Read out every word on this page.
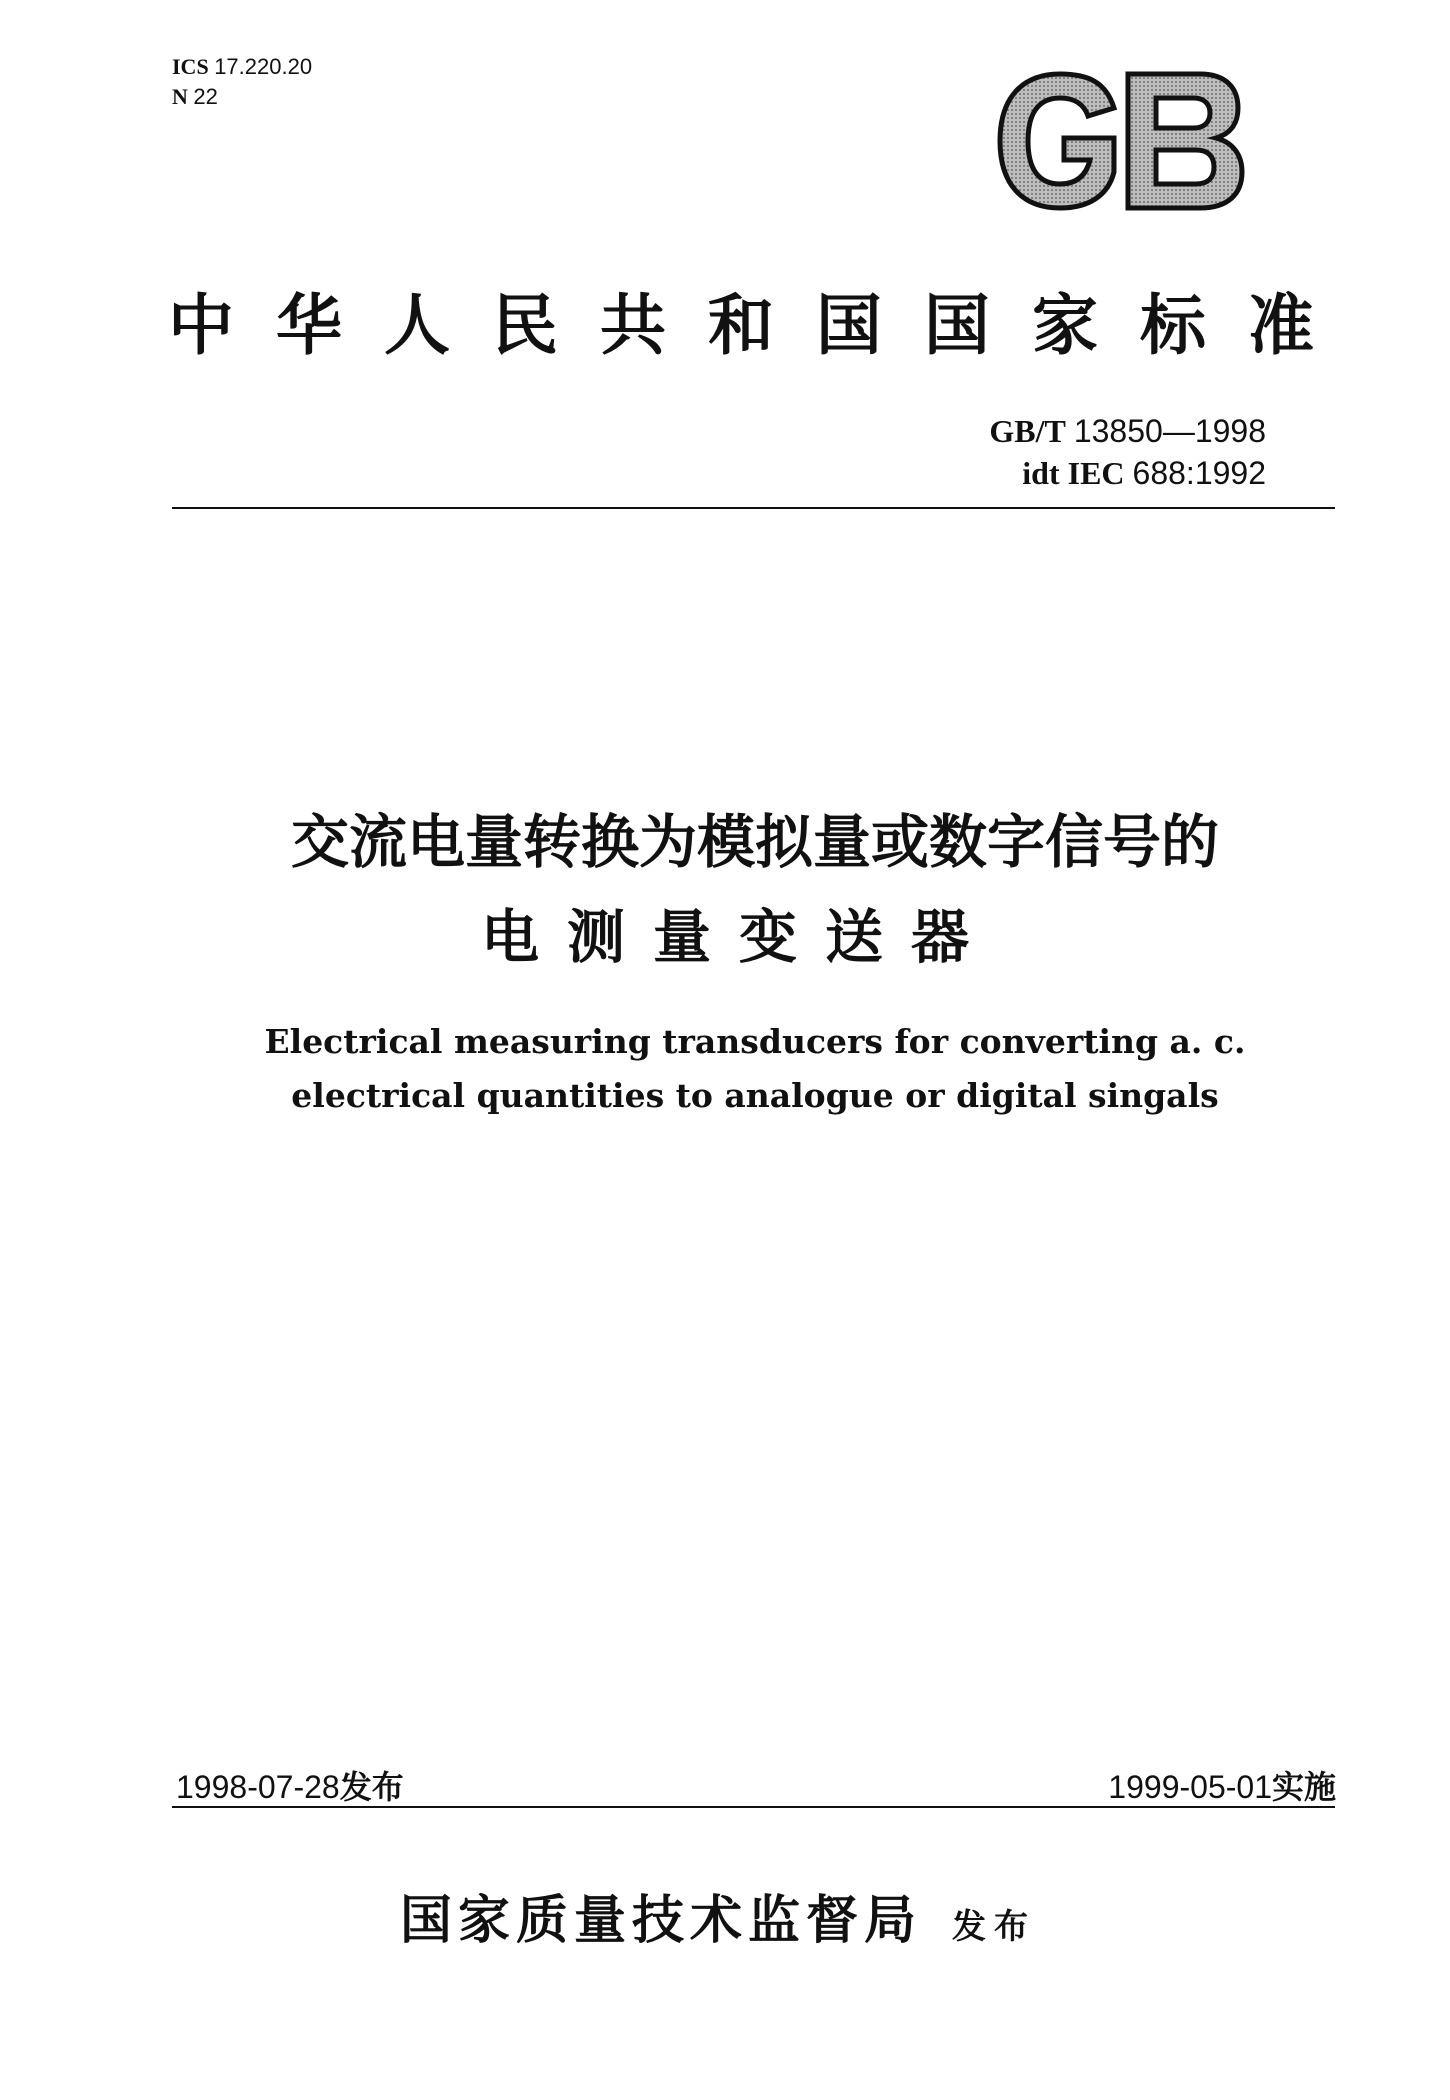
ICS 17.220.20
N 22
中华人民共和国国家标准
GB/T 13850—1998
idt IEC 688:1992
交流电量转换为模拟量或数字信号的
电测量变送器
Electrical measuring transducers for converting a. c.
electrical quantities to analogue or digital singals
1998-07-28发布	1999-05-01实施
国家质量技术监督局 发布
